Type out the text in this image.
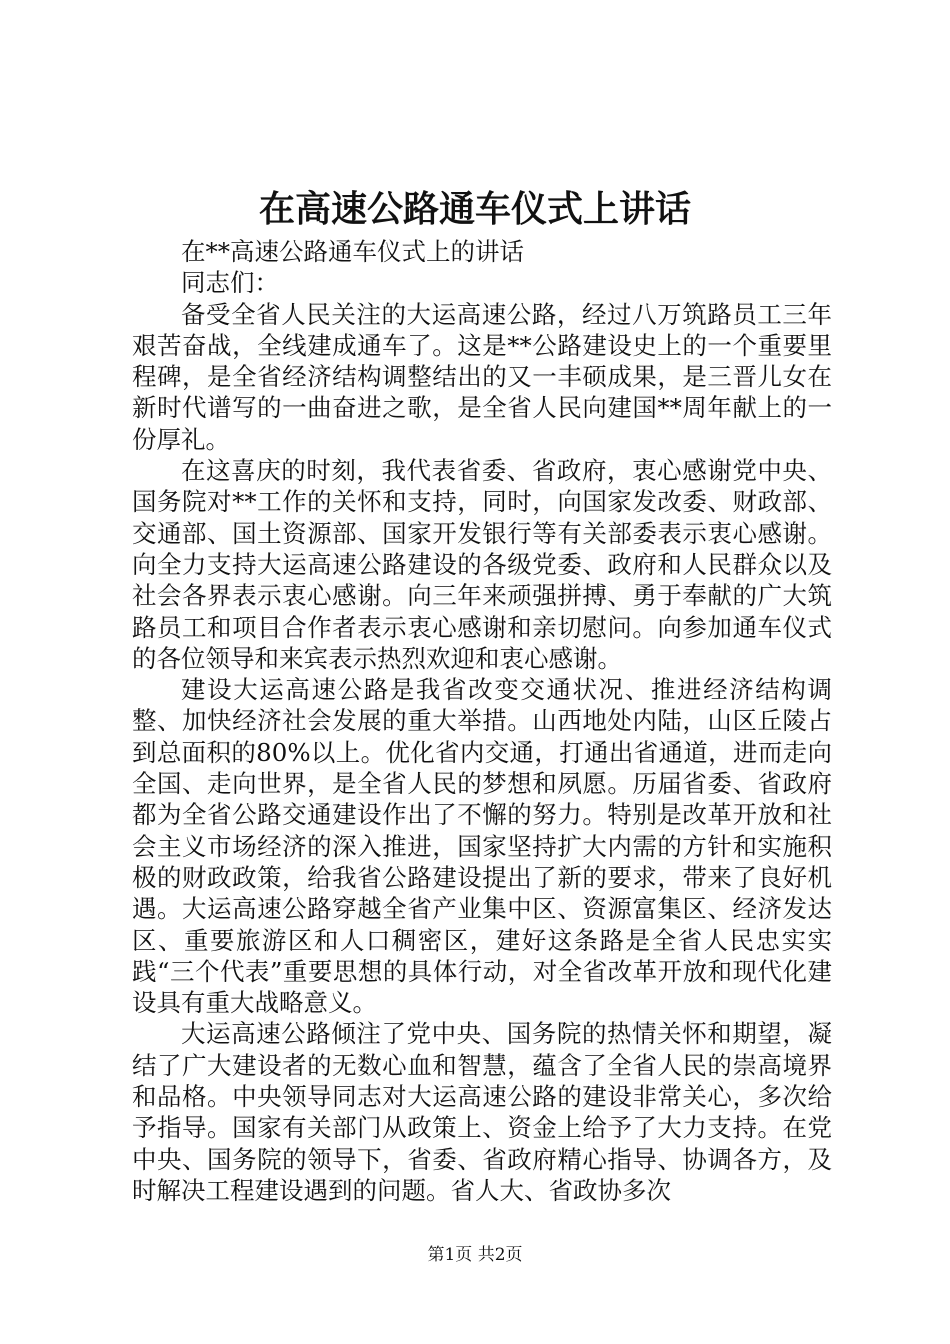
在高速公路通车仪式上讲话

在**高速公路通车仪式上的讲话

同志们：

备受全省人民关注的大运高速公路，经过八万筑路员工三年艰苦奋战，全线建成通车了。这是**公路建设史上的一个重要里程碑，是全省经济结构调整结出的又一丰硕成果，是三晋儿女在新时代谱写的一曲奋进之歌，是全省人民向建国**周年献上的一份厚礼。

在这喜庆的时刻，我代表省委、省政府，衷心感谢党中央、国务院对**工作的关怀和支持，同时，向国家发改委、财政部、交通部、国土资源部、国家开发银行等有关部委表示衷心感谢。向全力支持大运高速公路建设的各级党委、政府和人民群众以及社会各界表示衷心感谢。向三年来顽强拼搏、勇于奉献的广大筑路员工和项目合作者表示衷心感谢和亲切慰问。向参加通车仪式的各位领导和来宾表示热烈欢迎和衷心感谢。

建设大运高速公路是我省改变交通状况、推进经济结构调整、加快经济社会发展的重大举措。山西地处内陆，山区丘陵占到总面积的80%以上。优化省内交通，打通出省通道，进而走向全国、走向世界，是全省人民的梦想和夙愿。历届省委、省政府都为全省公路交通建设作出了不懈的努力。特别是改革开放和社会主义市场经济的深入推进，国家坚持扩大内需的方针和实施积极的财政政策，给我省公路建设提出了新的要求，带来了良好机遇。大运高速公路穿越全省产业集中区、资源富集区、经济发达区、重要旅游区和人口稠密区，建好这条路是全省人民忠实实践“三个代表”重要思想的具体行动，对全省改革开放和现代化建设具有重大战略意义。

大运高速公路倾注了党中央、国务院的热情关怀和期望，凝结了广大建设者的无数心血和智慧，蕴含了全省人民的崇高境界和品格。中央领导同志对大运高速公路的建设非常关心，多次给予指导。国家有关部门从政策上、资金上给予了大力支持。在党中央、国务院的领导下，省委、省政府精心指导、协调各方，及时解决工程建设遇到的问题。省人大、省政协多次

第1页 共2页
